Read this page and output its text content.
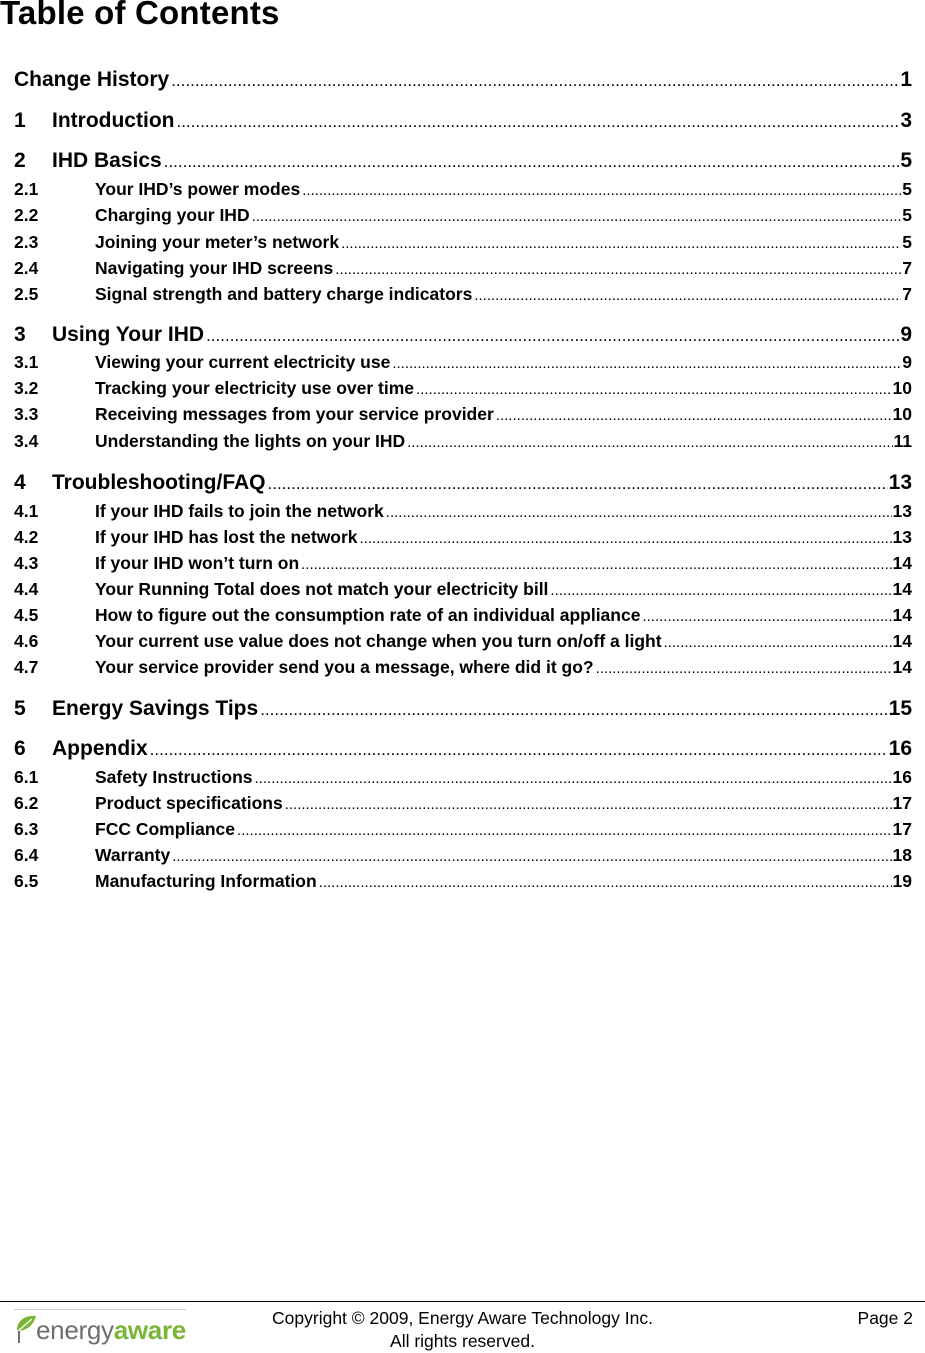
Table of Contents
Change History .....	1
1	Introduction .....	3
2	IHD Basics .....	5
2.1	Your IHD’s power modes .....	5
2.2	Charging your IHD .....	5
2.3	Joining your meter’s network .....	5
2.4	Navigating your IHD screens .....	7
2.5	Signal strength and battery charge indicators .....	7
3	Using Your IHD .....	9
3.1	Viewing your current electricity use .....	9
3.2	Tracking your electricity use over time .....	10
3.3	Receiving messages from your service provider .....	10
3.4	Understanding the lights on your IHD .....	11
4	Troubleshooting/FAQ .....	13
4.1	If your IHD fails to join the network .....	13
4.2	If your IHD has lost the network .....	13
4.3	If your IHD won’t turn on .....	14
4.4	Your Running Total does not match your electricity bill .....	14
4.5	How to figure out the consumption rate of an individual appliance .....	14
4.6	Your current use value does not change when you turn on/off a light .....	14
4.7	Your service provider send you a message, where did it go? .....	14
5	Energy Savings Tips .....	15
6	Appendix .....	16
6.1	Safety Instructions .....	16
6.2	Product specifications .....	17
6.3	FCC Compliance .....	17
6.4	Warranty .....	18
6.5	Manufacturing Information .....	19
energyaware	Copyright © 2009, Energy Aware Technology Inc.
All rights reserved.
Page 2
